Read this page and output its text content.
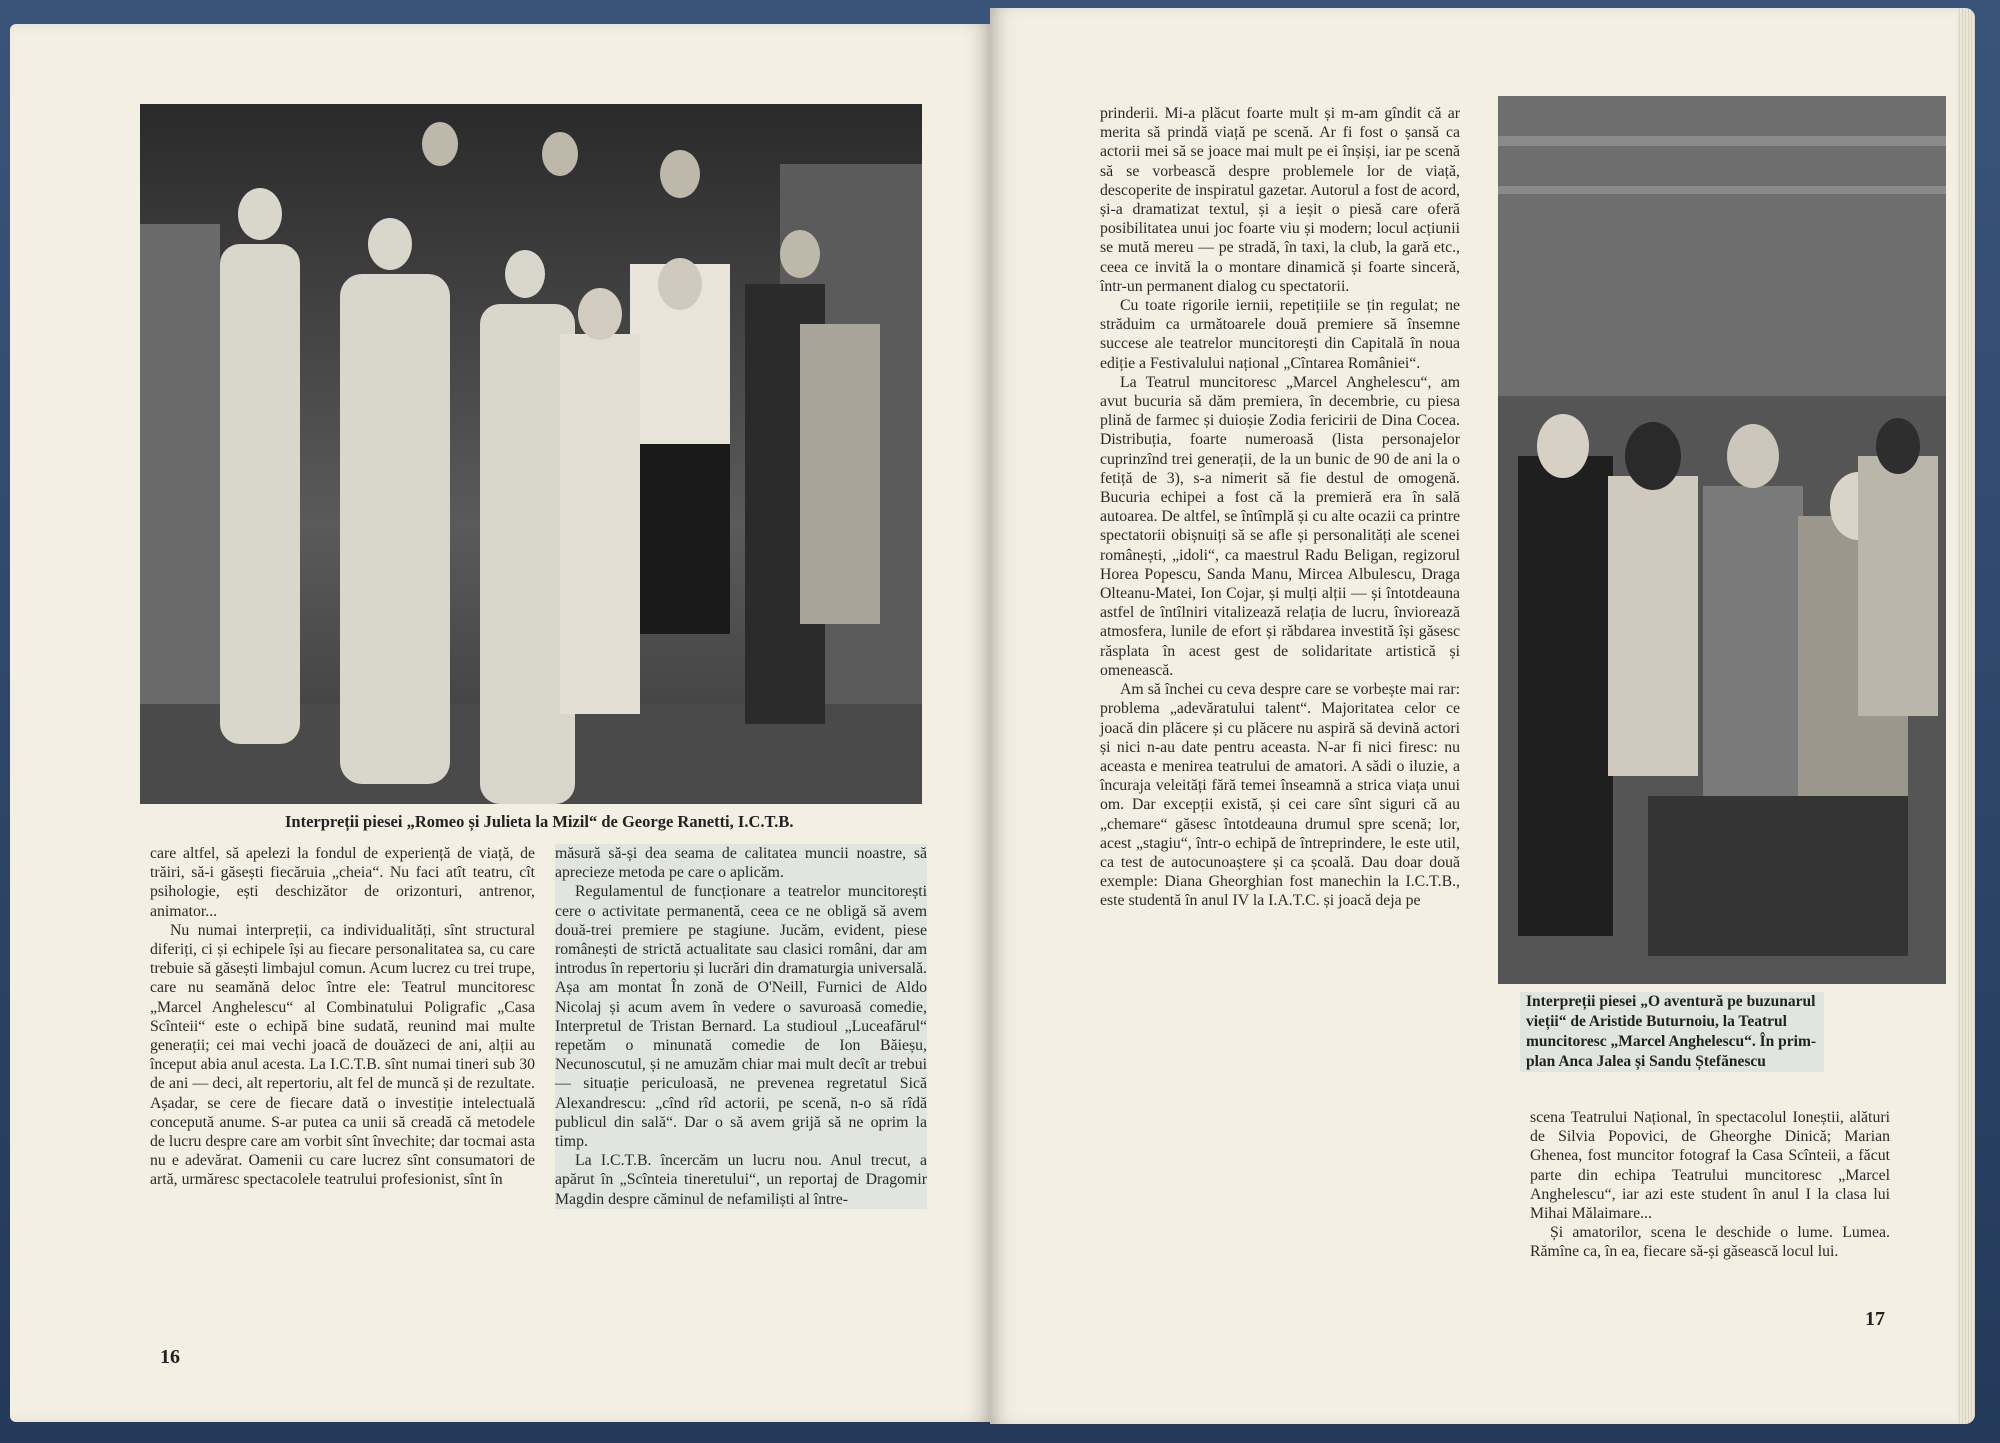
Interpreții piesei „Romeo și Julieta la Mizil“ de George Ranetti, I.C.T.B.

care altfel, să apelezi la fondul de experiență de viață, de trăiri, să-i găsești fiecăruia „cheia“. Nu faci atît teatru, cît psihologie, ești deschizător de orizonturi, antrenor, animator...

Nu numai interpreții, ca individualități, sînt structural diferiți, ci și echipele își au fiecare personalitatea sa, cu care trebuie să găsești limbajul comun. Acum lucrez cu trei trupe, care nu seamănă deloc între ele: Teatrul muncitoresc „Marcel Anghelescu“ al Combinatului Poligrafic „Casa Scînteii“ este o echipă bine sudată, reunind mai multe generații; cei mai vechi joacă de douăzeci de ani, alții au început abia anul acesta. La I.C.T.B. sînt numai tineri sub 30 de ani — deci, alt repertoriu, alt fel de muncă și de rezultate. Așadar, se cere de fiecare dată o investiție intelectuală concepută anume. S-ar putea ca unii să creadă că metodele de lucru despre care am vorbit sînt învechite; dar tocmai asta nu e adevărat. Oamenii cu care lucrez sînt consumatori de artă, urmăresc spectacolele teatrului profesionist, sînt în

măsură să-și dea seama de calitatea muncii noastre, să aprecieze metoda pe care o aplicăm.

Regulamentul de funcționare a teatrelor muncitorești cere o activitate permanentă, ceea ce ne obligă să avem două-trei premiere pe stagiune. Jucăm, evident, piese românești de strictă actualitate sau clasici români, dar am introdus în repertoriu și lucrări din dramaturgia universală. Așa am montat În zonă de O'Neill, Furnici de Aldo Nicolaj și acum avem în vedere o savuroasă comedie, Interpretul de Tristan Bernard. La studioul „Luceafărul“ repetăm o minunată comedie de Ion Băieșu, Necunoscutul, și ne amuzăm chiar mai mult decît ar trebui — situație periculoasă, ne prevenea regretatul Sică Alexandrescu: „cînd rîd actorii, pe scenă, n-o să rîdă publicul din sală“. Dar o să avem grijă să ne oprim la timp.

La I.C.T.B. încercăm un lucru nou. Anul trecut, a apărut în „Scînteia tineretului“, un reportaj de Dragomir Magdin despre căminul de nefamiliști al între-

16

prinderii. Mi-a plăcut foarte mult și m-am gîndit că ar merita să prindă viață pe scenă. Ar fi fost o șansă ca actorii mei să se joace mai mult pe ei înșiși, iar pe scenă să se vorbească despre problemele lor de viață, descoperite de inspiratul gazetar. Autorul a fost de acord, și-a dramatizat textul, și a ieșit o piesă care oferă posibilitatea unui joc foarte viu și modern; locul acțiunii se mută mereu — pe stradă, în taxi, la club, la gară etc., ceea ce invită la o montare dinamică și foarte sinceră, într-un permanent dialog cu spectatorii.

Cu toate rigorile iernii, repetițiile se țin regulat; ne străduim ca următoarele două premiere să însemne succese ale teatrelor muncitorești din Capitală în noua ediție a Festivalului național „Cîntarea României“.

La Teatrul muncitoresc „Marcel Anghelescu“, am avut bucuria să dăm premiera, în decembrie, cu piesa plină de farmec și duioșie Zodia fericirii de Dina Cocea. Distribuția, foarte numeroasă (lista personajelor cuprinzînd trei generații, de la un bunic de 90 de ani la o fetiță de 3), s-a nimerit să fie destul de omogenă. Bucuria echipei a fost că la premieră era în sală autoarea. De altfel, se întîmplă și cu alte ocazii ca printre spectatorii obișnuiți să se afle și personalități ale scenei românești, „idoli“, ca maestrul Radu Beligan, regizorul Horea Popescu, Sanda Manu, Mircea Albulescu, Draga Olteanu-Matei, Ion Cojar, și mulți alții — și întotdeauna astfel de întîlniri vitalizează relația de lucru, înviorează atmosfera, lunile de efort și răbdarea investită își găsesc răsplata în acest gest de solidaritate artistică și omenească.

Am să închei cu ceva despre care se vorbește mai rar: problema „adevăratului talent“. Majoritatea celor ce joacă din plăcere și cu plăcere nu aspiră să devină actori și nici n-au date pentru aceasta. N-ar fi nici firesc: nu aceasta e menirea teatrului de amatori. A sădi o iluzie, a încuraja veleități fără temei înseamnă a strica viața unui om. Dar excepții există, și cei care sînt siguri că au „chemare“ găsesc întotdeauna drumul spre scenă; lor, acest „stagiu“, într-o echipă de întreprindere, le este util, ca test de autocunoaștere și ca școală. Dau doar două exemple: Diana Gheorghian fost manechin la I.C.T.B., este studentă în anul IV la I.A.T.C. și joacă deja pe

Interpreții piesei „O aventură pe buzunarul vieții“ de Aristide Buturnoiu, la Teatrul muncitoresc „Marcel Anghelescu“. În prim-plan Anca Jalea și Sandu Ștefănescu

scena Teatrului Național, în spectacolul Ioneștii, alături de Silvia Popovici, de Gheorghe Dinică; Marian Ghenea, fost muncitor fotograf la Casa Scînteii, a făcut parte din echipa Teatrului muncitoresc „Marcel Anghelescu“, iar azi este student în anul I la clasa lui Mihai Mălaimare...

Și amatorilor, scena le deschide o lume. Lumea. Rămîne ca, în ea, fiecare să-și găsească locul lui.

17
